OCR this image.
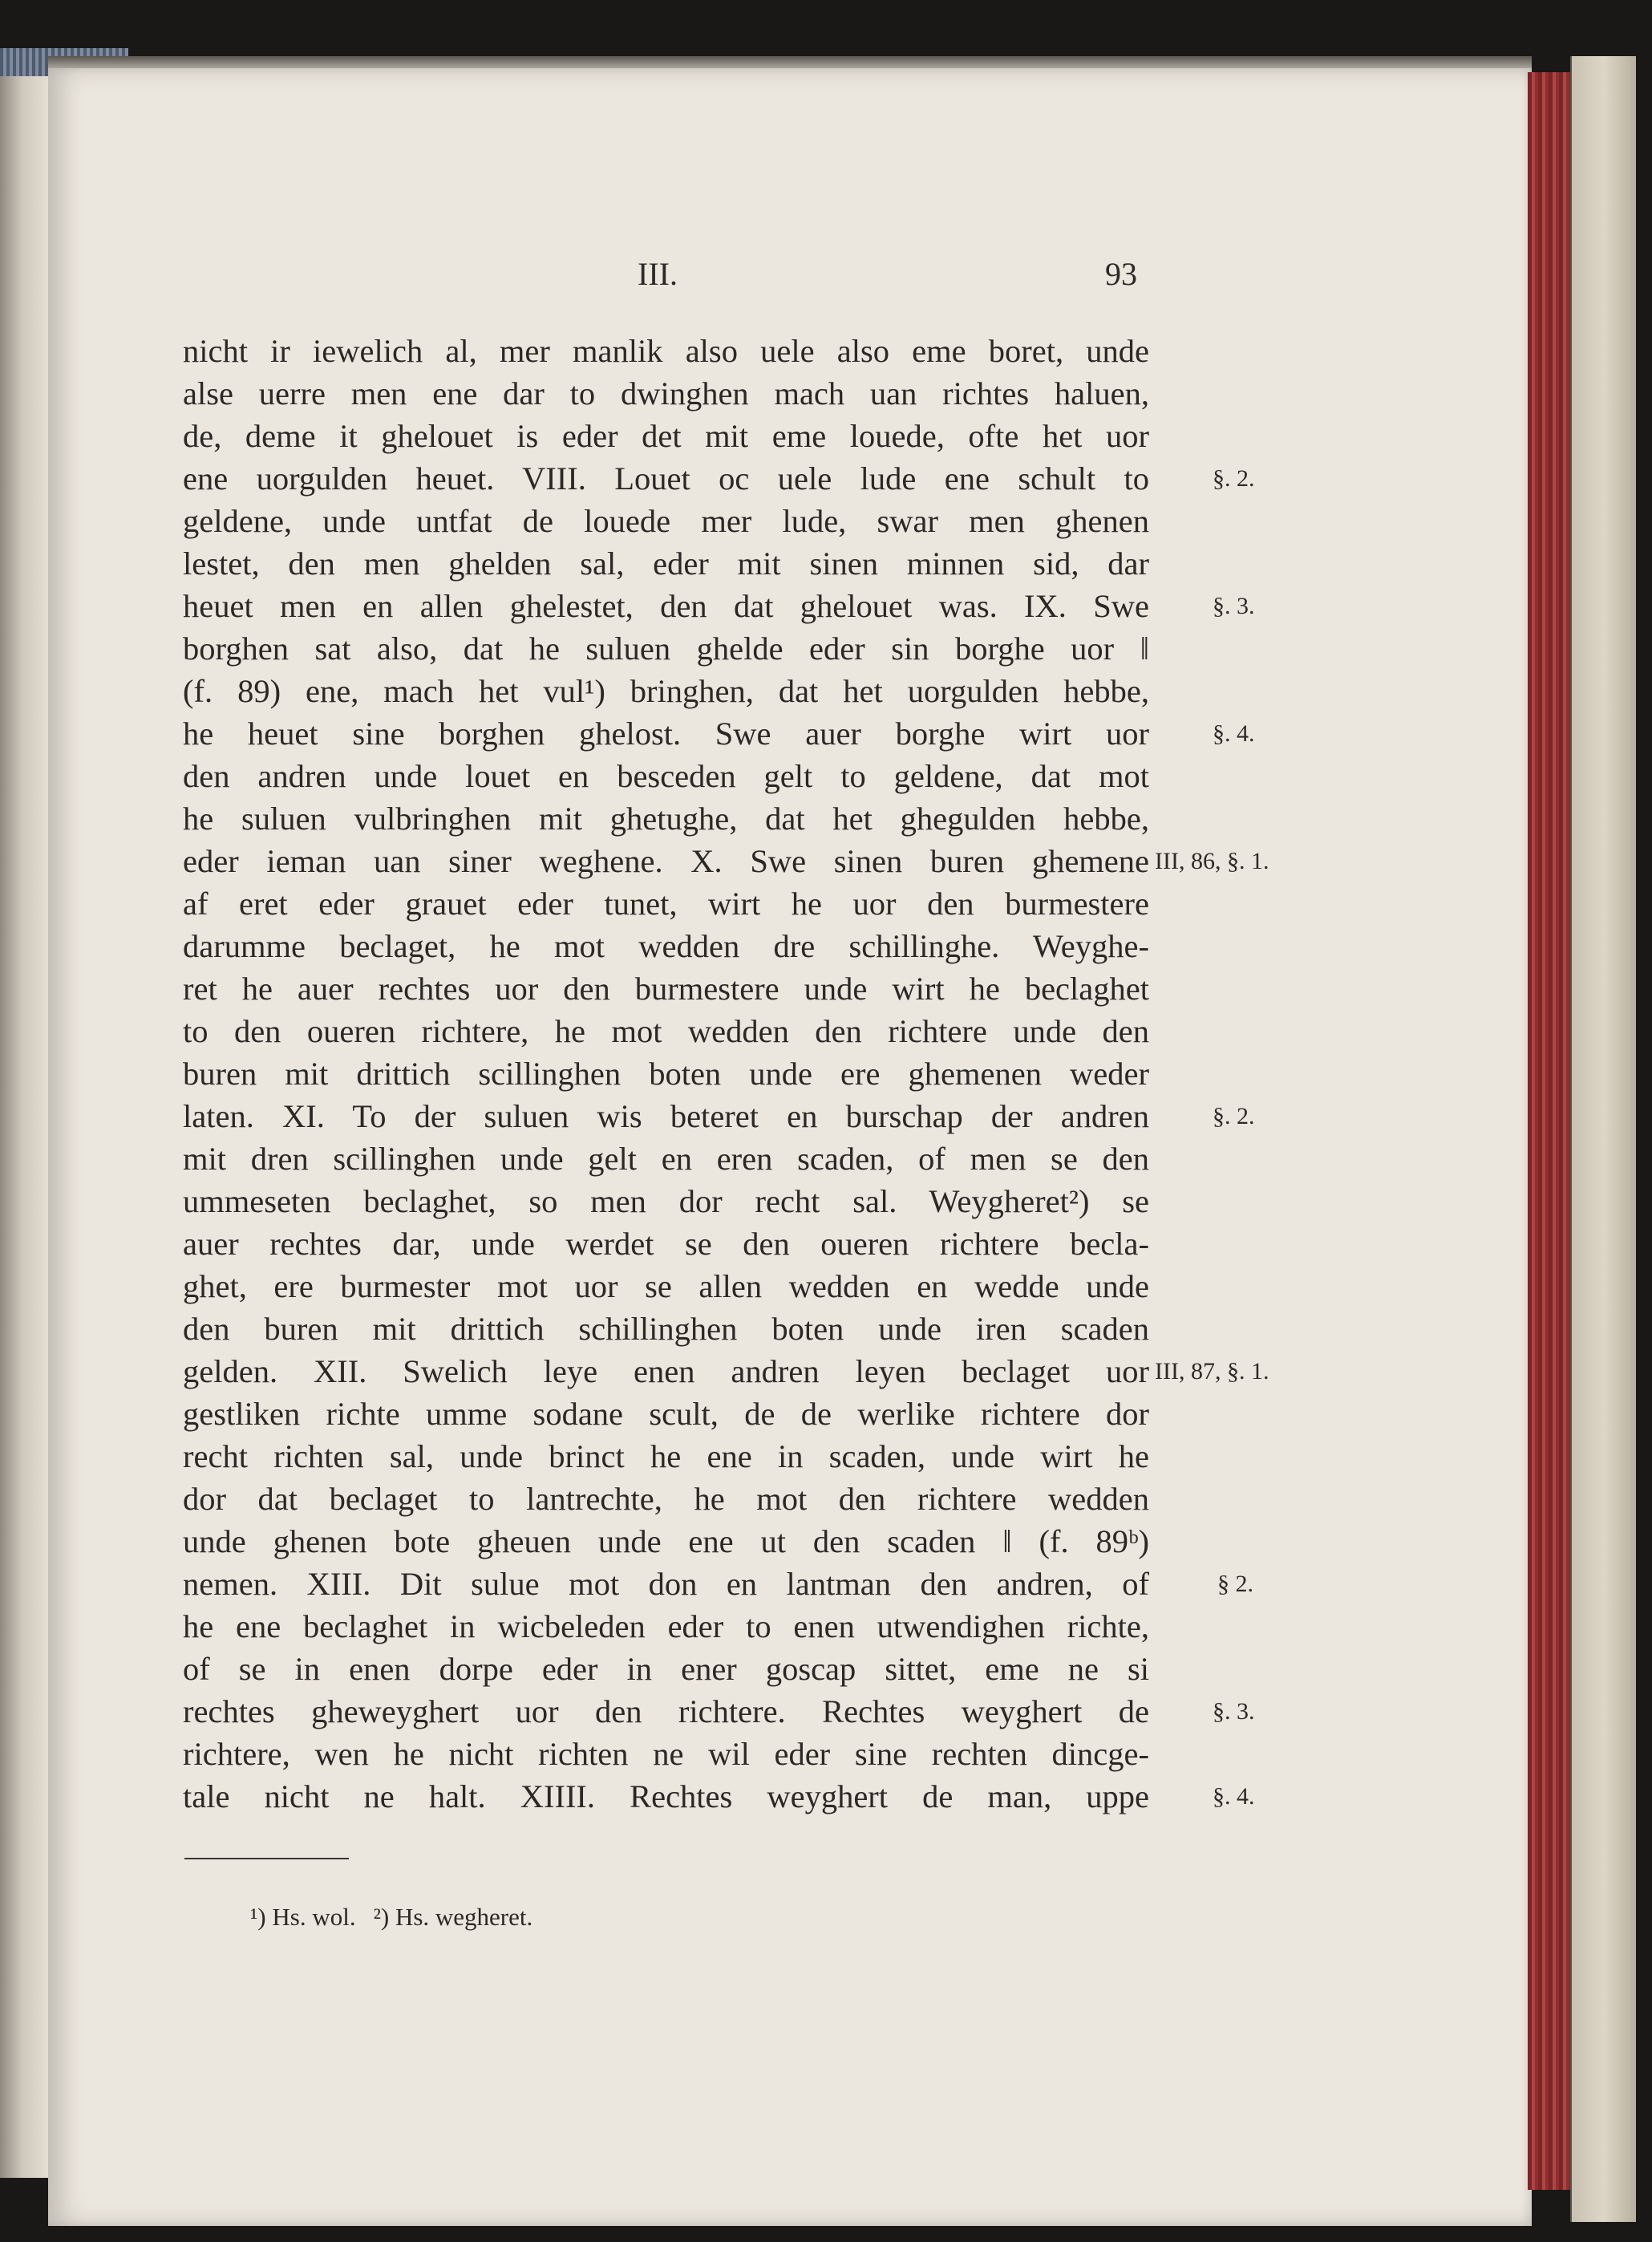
III.	93
nicht ir iewelich al, mer manlik also uele also eme boret, unde
alse uerre men ene dar to dwinghen mach uan richtes haluen,
de, deme it ghelouet is eder det mit eme louede, ofte het uor
ene uorgulden heuet. VIII. Louet oc uele lude ene schult to
geldene, unde untfat de louede mer lude, swar men ghenen
lestet, den men ghelden sal, eder mit sinen minnen sid, dar
heuet men en allen ghelestet, den dat ghelouet was. IX. Swe
borghen sat also, dat he suluen ghelde eder sin borghe uor ‖
(f. 89) ene, mach het vul¹) bringhen, dat het uorgulden hebbe,
he heuet sine borghen ghelost. Swe auer borghe wirt uor
den andren unde louet en besceden gelt to geldene, dat mot
he suluen vulbringhen mit ghetughe, dat het ghegulden hebbe,
eder ieman uan siner weghene. X. Swe sinen buren ghemene
af eret eder grauet eder tunet, wirt he uor den burmestere
darumme beclaget, he mot wedden dre schillinghe. Weyghe-
ret he auer rechtes uor den burmestere unde wirt he beclaghet
to den oueren richtere, he mot wedden den richtere unde den
buren mit drittich scillinghen boten unde ere ghemenen weder
laten. XI. To der suluen wis beteret en burschap der andren
mit dren scillinghen unde gelt en eren scaden, of men se den
ummeseten beclaghet, so men dor recht sal. Weygheret²) se
auer rechtes dar, unde werdet se den oueren richtere becla-
ghet, ere burmester mot uor se allen wedden en wedde unde
den buren mit drittich schillinghen boten unde iren scaden
gelden. XII. Swelich leye enen andren leyen beclaget uor
gestliken richte umme sodane scult, de de werlike richtere dor
recht richten sal, unde brinct he ene in scaden, unde wirt he
dor dat beclaget to lantrechte, he mot den richtere wedden
unde ghenen bote gheuen unde ene ut den scaden ‖ (f. 89ᵇ)
nemen. XIII. Dit sulue mot don en lantman den andren, of
he ene beclaghet in wicbeleden eder to enen utwendighen richte,
of se in enen dorpe eder in ener goscap sittet, eme ne si
rechtes gheweyghert uor den richtere. Rechtes weyghert de
richtere, wen he nicht richten ne wil eder sine rechten dincge-
tale nicht ne halt. XIIII. Rechtes weyghert de man, uppe
§. 2.
§. 3.
§. 4.
III, 86, §. 1.
§. 2.
III, 87, §. 1.
§ 2.
§. 3.
§. 4.
¹) Hs. wol. ²) Hs. wegheret.
